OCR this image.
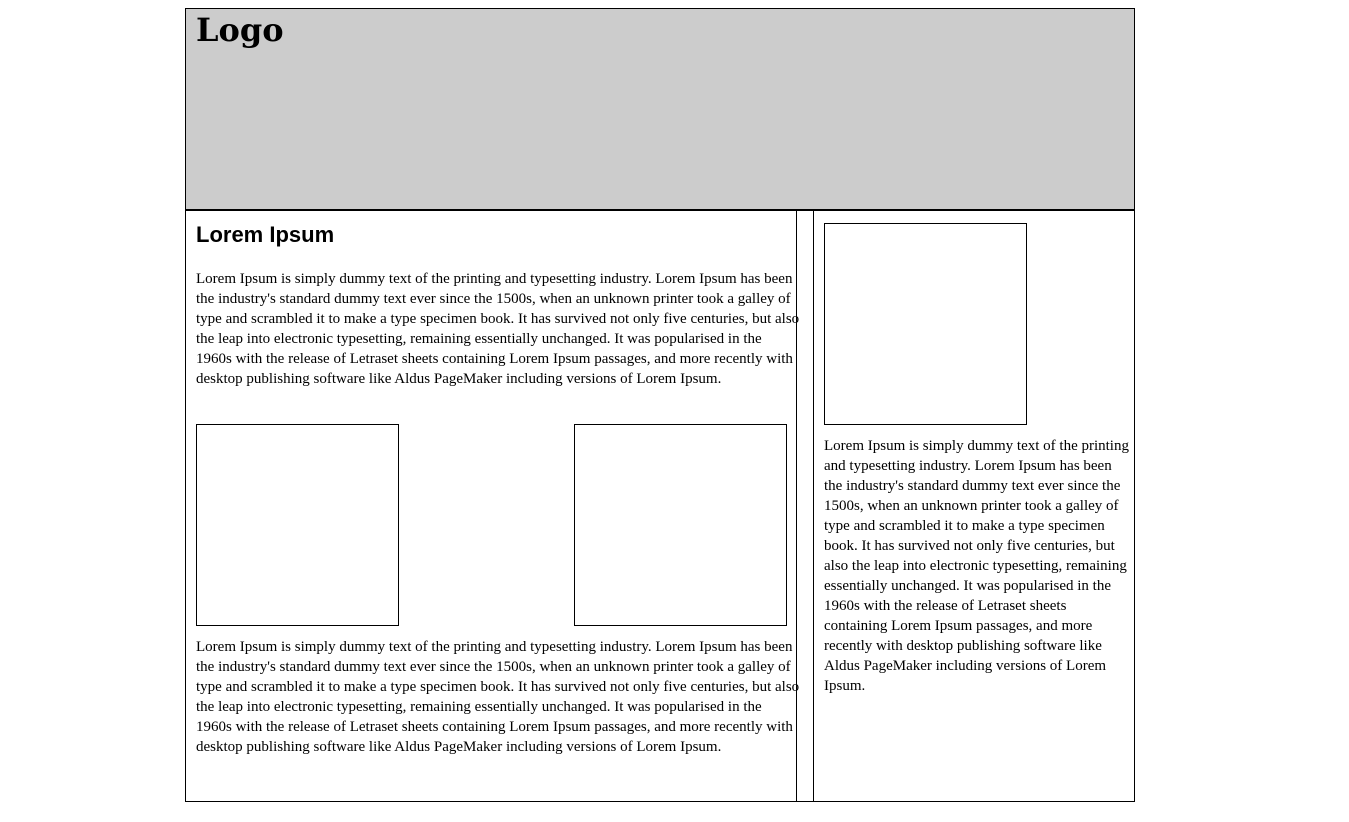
Logo
Lorem Ipsum

Lorem Ipsum is simply dummy text of the printing and typesetting industry. Lorem Ipsum has been the industry's standard dummy text ever since the 1500s, when an unknown printer took a galley of type and scrambled it to make a type specimen book. It has survived not only five centuries, but also the leap into electronic typesetting, remaining essentially unchanged. It was popularised in the 1960s with the release of Letraset sheets containing Lorem Ipsum passages, and more recently with desktop publishing software like Aldus PageMaker including versions of Lorem Ipsum.

Lorem Ipsum is simply dummy text of the printing and typesetting industry. Lorem Ipsum has been the industry's standard dummy text ever since the 1500s, when an unknown printer took a galley of type and scrambled it to make a type specimen book. It has survived not only five centuries, but also the leap into electronic typesetting, remaining essentially unchanged. It was popularised in the 1960s with the release of Letraset sheets containing Lorem Ipsum passages, and more recently with desktop publishing software like Aldus PageMaker including versions of Lorem Ipsum.

Lorem Ipsum is simply dummy text of the printing and typesetting industry. Lorem Ipsum has been the industry's standard dummy text ever since the 1500s, when an unknown printer took a galley of type and scrambled it to make a type specimen book. It has survived not only five centuries, but also the leap into electronic typesetting, remaining essentially unchanged. It was popularised in the 1960s with the release of Letraset sheets containing Lorem Ipsum passages, and more recently with desktop publishing software like Aldus PageMaker including versions of Lorem Ipsum.
